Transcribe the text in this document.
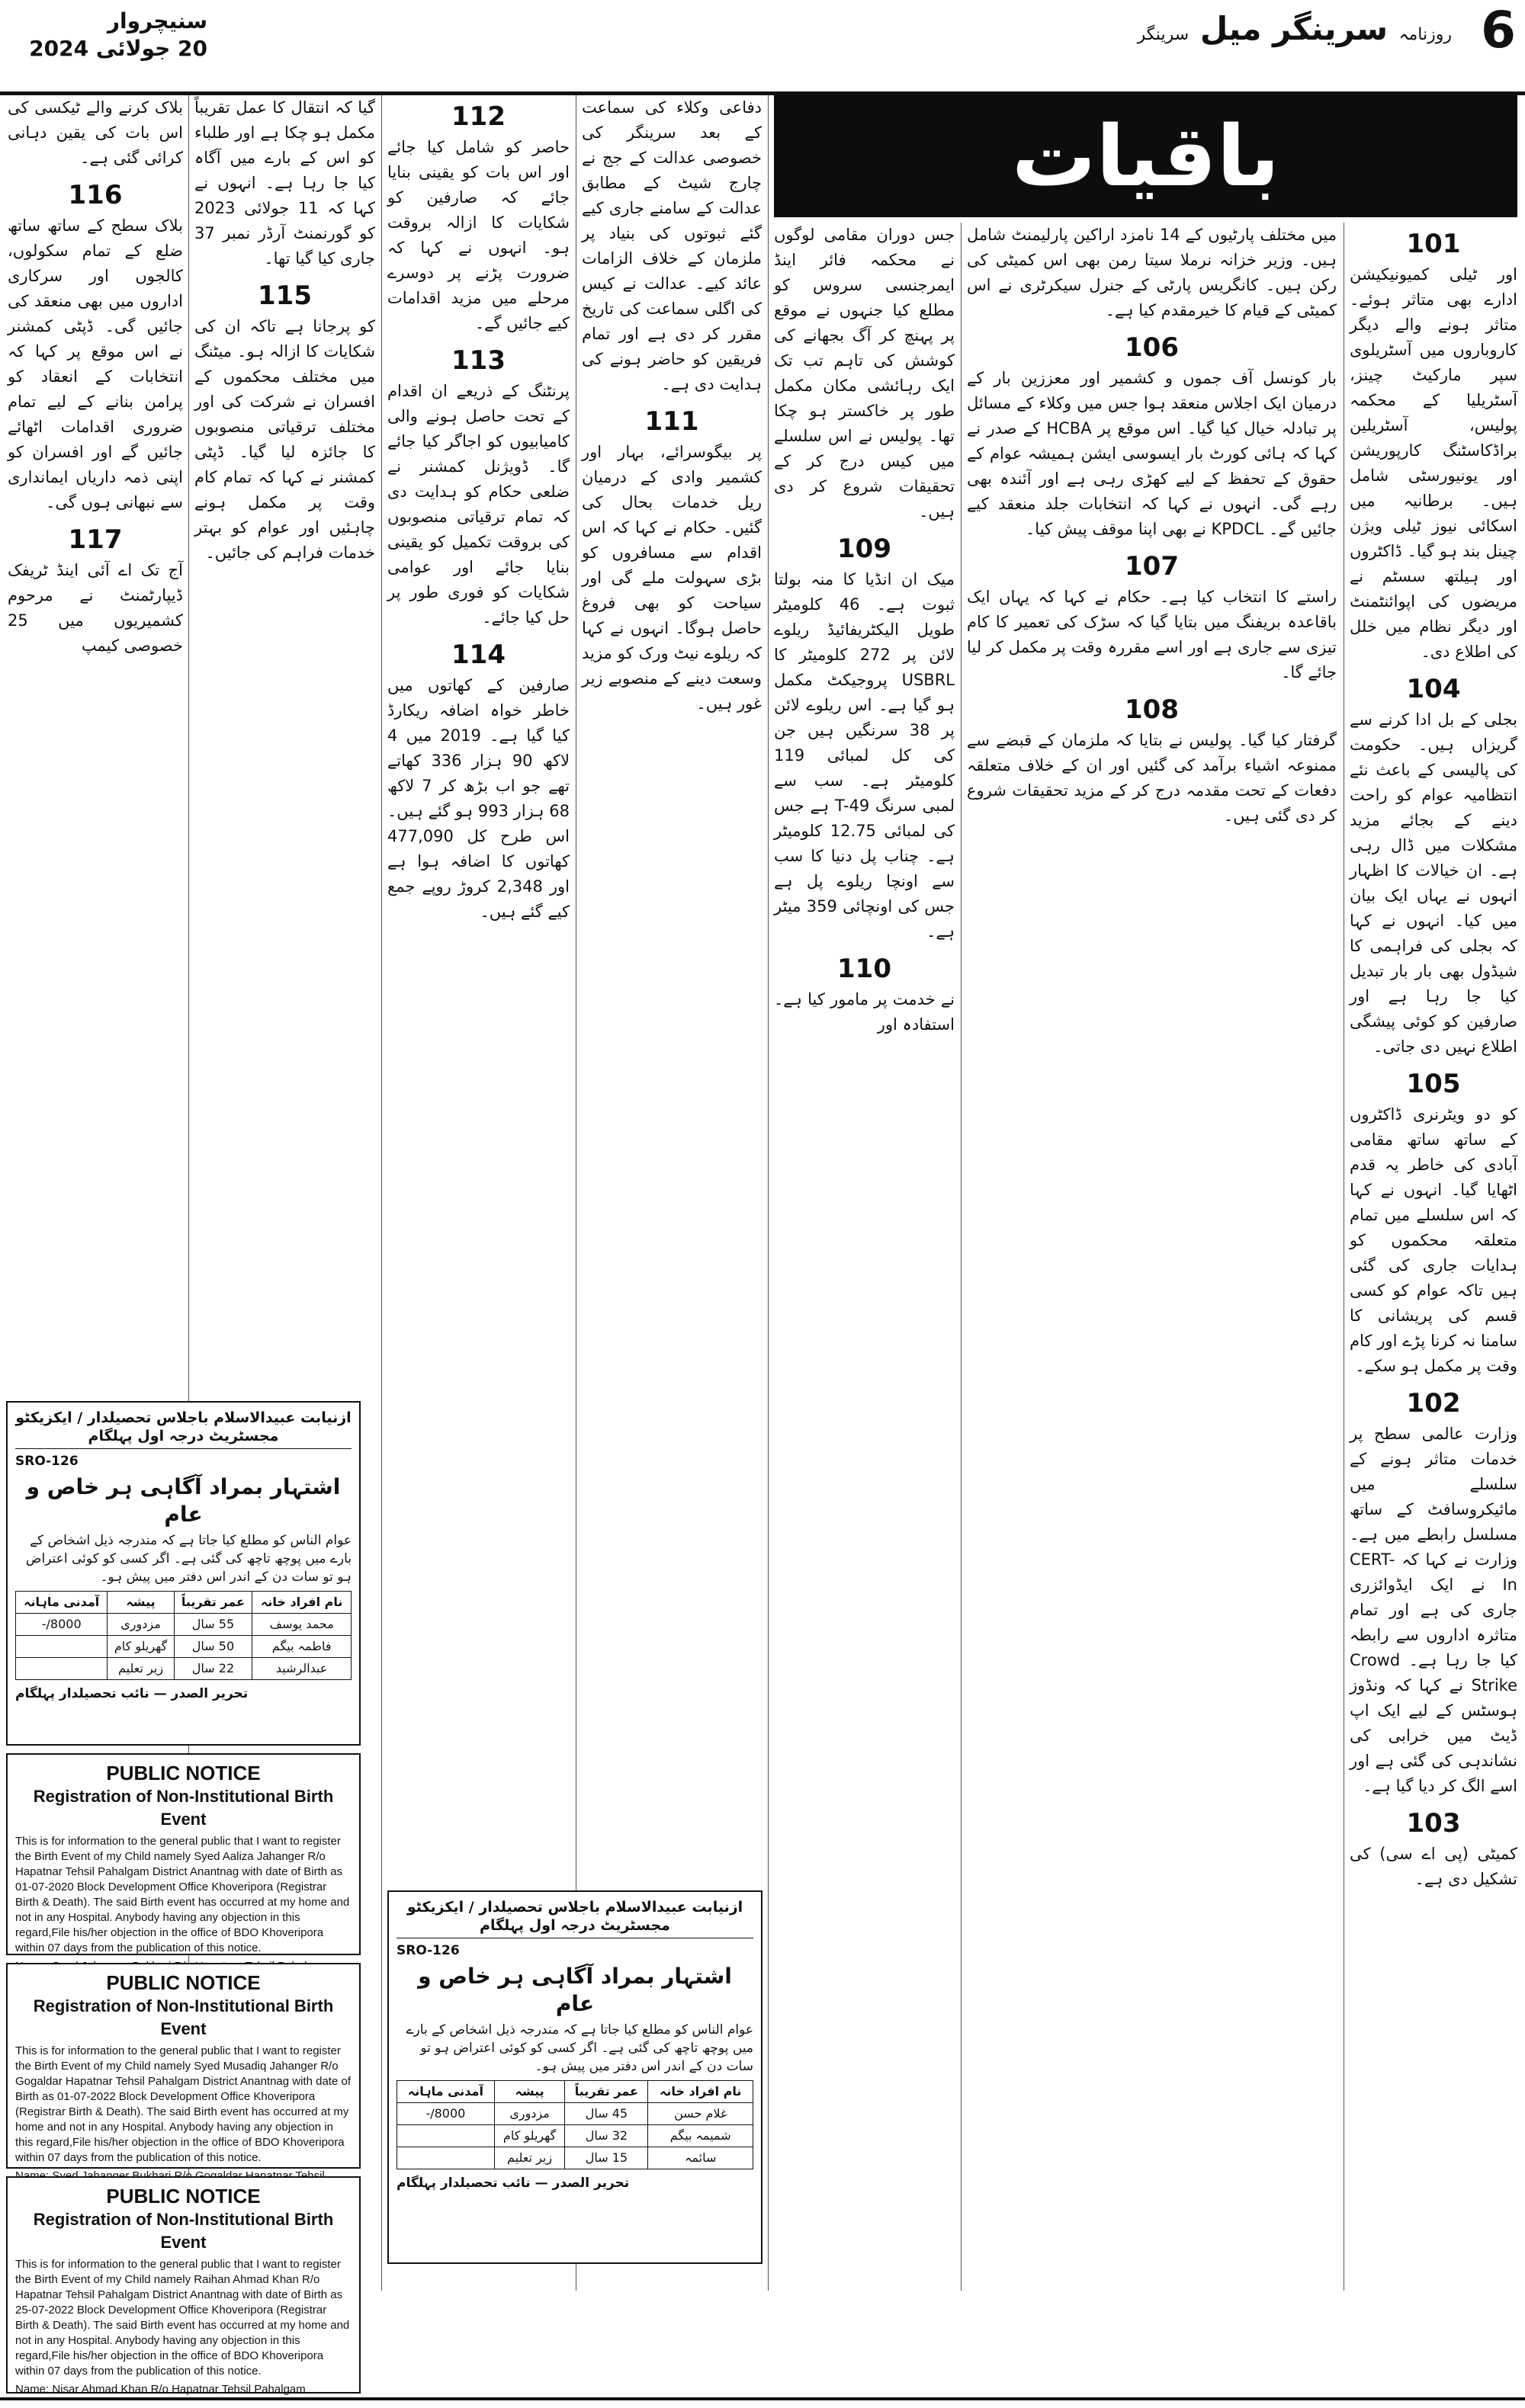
6
روزنامہ سرینگر میل سرینگر
سنیچروار
20 جولائی 2024
باقیات
101
اور ٹیلی کمیونیکیشن ادارے بھی متاثر ہوئے۔ متاثر ہونے والے دیگر کاروباروں میں آسٹریلوی سپر مارکیٹ چینز، آسٹریلیا کے محکمہ پولیس، آسٹریلین براڈکاسٹنگ کارپوریشن اور یونیورسٹی شامل ہیں۔ برطانیہ میں اسکائی نیوز ٹیلی ویژن چینل بند ہو گیا۔ ڈاکٹروں اور ہیلتھ سسٹم نے مریضوں کی اپوائنٹمنٹ اور دیگر نظام میں خلل کی اطلاع دی۔
104
بجلی کے بل ادا کرنے سے گریزاں ہیں۔ حکومت کی پالیسی کے باعث نئے انتظامیہ عوام کو راحت دینے کے بجائے مزید مشکلات میں ڈال رہی ہے۔ ان خیالات کا اظہار انہوں نے یہاں ایک بیان میں کیا۔ انہوں نے کہا کہ بجلی کی فراہمی کا شیڈول بھی بار بار تبدیل کیا جا رہا ہے اور صارفین کو کوئی پیشگی اطلاع نہیں دی جاتی۔
105
کو دو ویٹرنری ڈاکٹروں کے ساتھ ساتھ مقامی آبادی کی خاطر یہ قدم اٹھایا گیا۔ انہوں نے کہا کہ اس سلسلے میں تمام متعلقہ محکموں کو ہدایات جاری کی گئی ہیں تاکہ عوام کو کسی قسم کی پریشانی کا سامنا نہ کرنا پڑے اور کام وقت پر مکمل ہو سکے۔
102
وزارت عالمی سطح پر خدمات متاثر ہونے کے سلسلے میں مائیکروسافٹ کے ساتھ مسلسل رابطے میں ہے۔ وزارت نے کہا کہ CERT-In نے ایک ایڈوائزری جاری کی ہے اور تمام متاثرہ اداروں سے رابطہ کیا جا رہا ہے۔ Crowd Strike نے کہا کہ ونڈوز ہوسٹس کے لیے ایک اپ ڈیٹ میں خرابی کی نشاندہی کی گئی ہے اور اسے الگ کر دیا گیا ہے۔
103
کمیٹی (پی اے سی) کی تشکیل دی ہے۔
میں مختلف پارٹیوں کے 14 نامزد اراکین پارلیمنٹ شامل ہیں۔ وزیر خزانہ نرملا سیتا رمن بھی اس کمیٹی کی رکن ہیں۔ کانگریس پارٹی کے جنرل سیکرٹری نے اس کمیٹی کے قیام کا خیرمقدم کیا ہے۔
106
بار کونسل آف جموں و کشمیر اور معززین بار کے درمیان ایک اجلاس منعقد ہوا جس میں وکلاء کے مسائل پر تبادلہ خیال کیا گیا۔ اس موقع پر HCBA کے صدر نے کہا کہ ہائی کورٹ بار ایسوسی ایشن ہمیشہ عوام کے حقوق کے تحفظ کے لیے کھڑی رہی ہے اور آئندہ بھی رہے گی۔ انہوں نے کہا کہ انتخابات جلد منعقد کیے جائیں گے۔ KPDCL نے بھی اپنا موقف پیش کیا۔
107
راستے کا انتخاب کیا ہے۔ حکام نے کہا کہ یہاں ایک باقاعدہ بریفنگ میں بتایا گیا کہ سڑک کی تعمیر کا کام تیزی سے جاری ہے اور اسے مقررہ وقت پر مکمل کر لیا جائے گا۔
108
گرفتار کیا گیا۔ پولیس نے بتایا کہ ملزمان کے قبضے سے ممنوعہ اشیاء برآمد کی گئیں اور ان کے خلاف متعلقہ دفعات کے تحت مقدمہ درج کر کے مزید تحقیقات شروع کر دی گئی ہیں۔
جس دوران مقامی لوگوں نے محکمہ فائر اینڈ ایمرجنسی سروس کو مطلع کیا جنہوں نے موقع پر پہنچ کر آگ بجھانے کی کوشش کی تاہم تب تک ایک رہائشی مکان مکمل طور پر خاکستر ہو چکا تھا۔ پولیس نے اس سلسلے میں کیس درج کر کے تحقیقات شروع کر دی ہیں۔
109
میک ان انڈیا کا منہ بولتا ثبوت ہے۔ 46 کلومیٹر طویل الیکٹریفائیڈ ریلوے لائن پر 272 کلومیٹر کا USBRL پروجیکٹ مکمل ہو گیا ہے۔ اس ریلوے لائن پر 38 سرنگیں ہیں جن کی کل لمبائی 119 کلومیٹر ہے۔ سب سے لمبی سرنگ T-49 ہے جس کی لمبائی 12.75 کلومیٹر ہے۔ چناب پل دنیا کا سب سے اونچا ریلوے پل ہے جس کی اونچائی 359 میٹر ہے۔
110
نے خدمت پر مامور کیا ہے۔ استفادہ اور
دفاعی وکلاء کی سماعت کے بعد سرینگر کی خصوصی عدالت کے جج نے چارج شیٹ کے مطابق عدالت کے سامنے جاری کیے گئے ثبوتوں کی بنیاد پر ملزمان کے خلاف الزامات عائد کیے۔ عدالت نے کیس کی اگلی سماعت کی تاریخ مقرر کر دی ہے اور تمام فریقین کو حاضر ہونے کی ہدایت دی ہے۔
111
پر بیگوسرائے، بہار اور کشمیر وادی کے درمیان ریل خدمات بحال کی گئیں۔ حکام نے کہا کہ اس اقدام سے مسافروں کو بڑی سہولت ملے گی اور سیاحت کو بھی فروغ حاصل ہوگا۔ انہوں نے کہا کہ ریلوے نیٹ ورک کو مزید وسعت دینے کے منصوبے زیر غور ہیں۔
112
حاصر کو شامل کیا جائے اور اس بات کو یقینی بنایا جائے کہ صارفین کو شکایات کا ازالہ بروقت ہو۔ انہوں نے کہا کہ ضرورت پڑنے پر دوسرے مرحلے میں مزید اقدامات کیے جائیں گے۔
113
پرنٹنگ کے ذریعے ان اقدام کے تحت حاصل ہونے والی کامیابیوں کو اجاگر کیا جائے گا۔ ڈویژنل کمشنر نے ضلعی حکام کو ہدایت دی کہ تمام ترقیاتی منصوبوں کی بروقت تکمیل کو یقینی بنایا جائے اور عوامی شکایات کو فوری طور پر حل کیا جائے۔
114
صارفین کے کھاتوں میں خاطر خواہ اضافہ ریکارڈ کیا گیا ہے۔ 2019 میں 4 لاکھ 90 ہزار 336 کھاتے تھے جو اب بڑھ کر 7 لاکھ 68 ہزار 993 ہو گئے ہیں۔ اس طرح کل 477,090 کھاتوں کا اضافہ ہوا ہے اور 2,348 کروڑ روپے جمع کیے گئے ہیں۔
گیا کہ انتقال کا عمل تقریباً مکمل ہو چکا ہے اور طلباء کو اس کے بارے میں آگاہ کیا جا رہا ہے۔ انہوں نے کہا کہ 11 جولائی 2023 کو گورنمنٹ آرڈر نمبر 37 جاری کیا گیا تھا۔
115
کو پرجانا ہے تاکہ ان کی شکایات کا ازالہ ہو۔ میٹنگ میں مختلف محکموں کے افسران نے شرکت کی اور مختلف ترقیاتی منصوبوں کا جائزہ لیا گیا۔ ڈپٹی کمشنر نے کہا کہ تمام کام وقت پر مکمل ہونے چاہئیں اور عوام کو بہتر خدمات فراہم کی جائیں۔
بلاک کرنے والے ٹیکسی کی اس بات کی یقین دہانی کرائی گئی ہے۔
116
بلاک سطح کے ساتھ ساتھ ضلع کے تمام سکولوں، کالجوں اور سرکاری اداروں میں بھی منعقد کی جائیں گی۔ ڈپٹی کمشنر نے اس موقع پر کہا کہ انتخابات کے انعقاد کو پرامن بنانے کے لیے تمام ضروری اقدامات اٹھائے جائیں گے اور افسران کو اپنی ذمہ داریاں ایمانداری سے نبھانی ہوں گی۔
117
آج تک اے آئی اینڈ ٹریفک ڈیپارٹمنٹ نے مرحوم کشمیریوں میں 25 خصوصی کیمپ
ازنیابت عبیدالاسلام باجلاس تحصیلدار / ایکزیکٹو مجسٹریٹ درجہ اول پہلگام
SRO-126
اشتہار بمراد آگاہی ہر خاص و عام
عوام الناس کو مطلع کیا جاتا ہے کہ مندرجہ ذیل اشخاص کے بارے میں پوچھ تاچھ کی گئی ہے۔ اگر کسی کو کوئی اعتراض ہو تو سات دن کے اندر اس دفتر میں پیش ہو۔
نام افراد خانہ	عمر تقریباً	پیشہ	آمدنی ماہانہ
محمد یوسف	55 سال	مزدوری	8000/-
فاطمہ بیگم	50 سال	گھریلو کام	
عبدالرشید	22 سال	زیر تعلیم	
تحریر الصدر — نائب تحصیلدار پہلگام
ازنیابت عبیدالاسلام باجلاس تحصیلدار / ایکزیکٹو مجسٹریٹ درجہ اول پہلگام
SRO-126
اشتہار بمراد آگاہی ہر خاص و عام
عوام الناس کو مطلع کیا جاتا ہے کہ مندرجہ ذیل اشخاص کے بارے میں پوچھ تاچھ کی گئی ہے۔ اگر کسی کو کوئی اعتراض ہو تو سات دن کے اندر اس دفتر میں پیش ہو۔
نام افراد خانہ	عمر تقریباً	پیشہ	آمدنی ماہانہ
غلام حسن	45 سال	مزدوری	8000/-
شمیمہ بیگم	32 سال	گھریلو کام	
سائمہ	15 سال	زیر تعلیم	
تحریر الصدر — نائب تحصیلدار پہلگام
PUBLIC NOTICE
Registration of Non-Institutional Birth Event
This is for information to the general public that I want to register the Birth Event of my Child namely Syed Aaliza Jahanger R/o Hapatnar Tehsil Pahalgam District Anantnag with date of Birth as 01-07-2020 Block Development Office Khoveripora (Registrar Birth & Death). The said Birth event has occurred at my home and not in any Hospital. Anybody having any objection in this regard,File his/her objection in the office of BDO Khoveripora within 07 days from the publication of this notice.
PUBLIC NOTICE
Registration of Non-Institutional Birth Event
This is for information to the general public that I want to register the Birth Event of my Child namely Syed Musadiq Jahanger R/o Gogaldar Hapatnar Tehsil Pahalgam District Anantnag with date of Birth as 01-07-2022 Block Development Office Khoveripora (Registrar Birth & Death). The said Birth event has occurred at my home and not in any Hospital. Anybody having any objection in this regard,File his/her objection in the office of BDO Khoveripora within 07 days from the publication of this notice.
PUBLIC NOTICE
Registration of Non-Institutional Birth Event
This is for information to the general public that I want to register the Birth Event of my Child namely Raihan Ahmad Khan R/o Hapatnar Tehsil Pahalgam District Anantnag with date of Birth as 25-07-2022 Block Development Office Khoveripora (Registrar Birth & Death). The said Birth event has occurred at my home and not in any Hospital. Anybody having any objection in this regard,File his/her objection in the office of BDO Khoveripora within 07 days from the publication of this notice.
Name: Nisar Ahmad Khan R/o Hapatnar Tehsil Pahalgam
